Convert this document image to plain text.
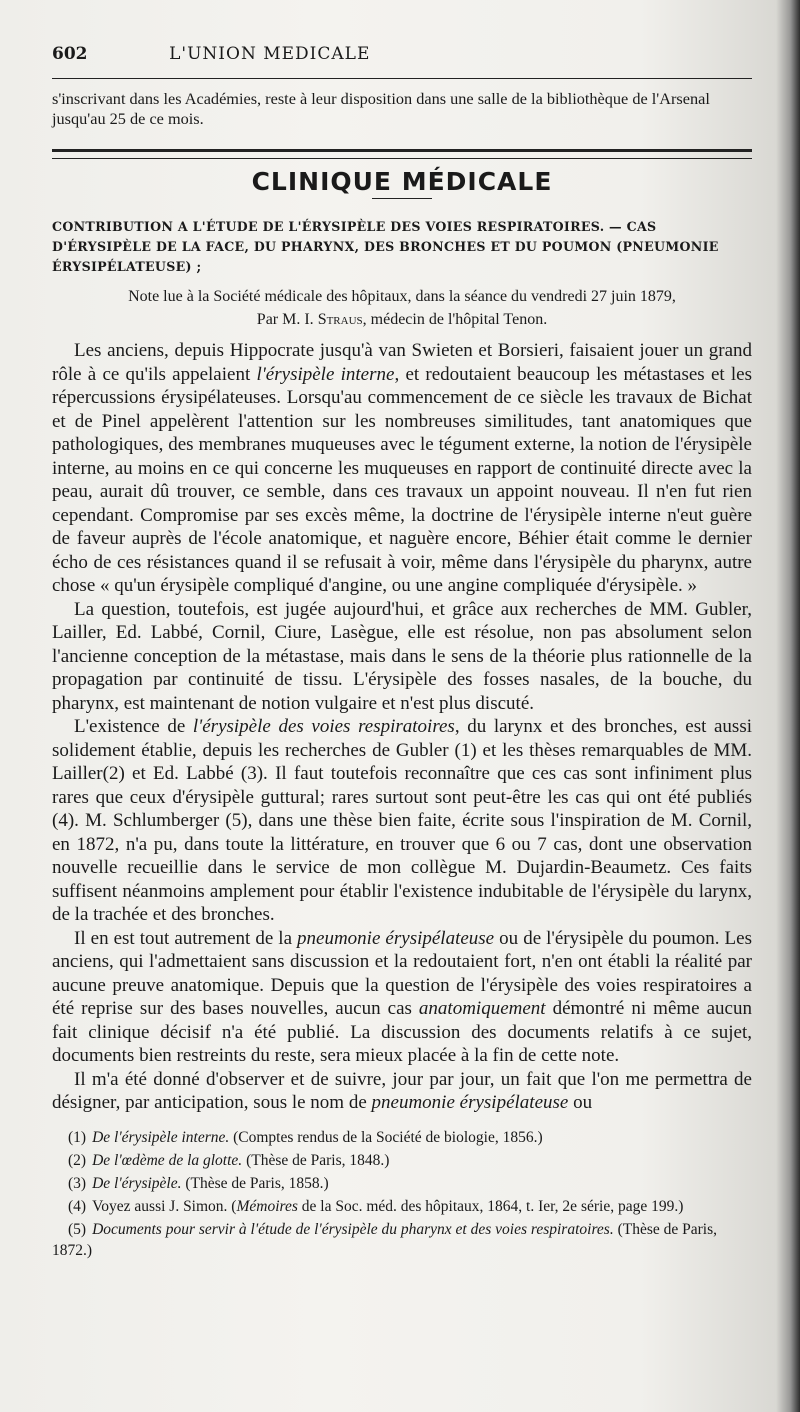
602	L'UNION MEDICALE

s'inscrivant dans les Académies, reste à leur disposition dans une salle de la bibliothèque de l'Arsenal jusqu'au 25 de ce mois.

CLINIQUE MÉDICALE
CONTRIBUTION A L'ÉTUDE DE L'ÉRYSIPÈLE DES VOIES RESPIRATOIRES. — CAS D'ÉRYSIPÈLE DE LA FACE, DU PHARYNX, DES BRONCHES ET DU POUMON (PNEUMONIE ÉRYSIPÉLATEUSE) ;
Note lue à la Société médicale des hôpitaux, dans la séance du vendredi 27 juin 1879,
Par M. I. Straus, médecin de l'hôpital Tenon.

Les anciens, depuis Hippocrate jusqu'à van Swieten et Borsieri, faisaient jouer un grand rôle à ce qu'ils appelaient l'érysipèle interne, et redoutaient beaucoup les métastases et les répercussions érysipélateuses. Lorsqu'au commencement de ce siècle les travaux de Bichat et de Pinel appelèrent l'attention sur les nombreuses similitudes, tant anatomiques que pathologiques, des membranes muqueuses avec le tégument externe, la notion de l'érysipèle interne, au moins en ce qui concerne les muqueuses en rapport de continuité directe avec la peau, aurait dû trouver, ce semble, dans ces travaux un appoint nouveau. Il n'en fut rien cependant. Compromise par ses excès même, la doctrine de l'érysipèle interne n'eut guère de faveur auprès de l'école anatomique, et naguère encore, Béhier était comme le dernier écho de ces résistances quand il se refusait à voir, même dans l'érysipèle du pharynx, autre chose « qu'un érysipèle compliqué d'angine, ou une angine compliquée d'érysipèle. »

La question, toutefois, est jugée aujourd'hui, et grâce aux recherches de MM. Gubler, Lailler, Ed. Labbé, Cornil, Ciure, Lasègue, elle est résolue, non pas absolument selon l'ancienne conception de la métastase, mais dans le sens de la théorie plus rationnelle de la propagation par continuité de tissu. L'érysipèle des fosses nasales, de la bouche, du pharynx, est maintenant de notion vulgaire et n'est plus discuté.

L'existence de l'érysipèle des voies respiratoires, du larynx et des bronches, est aussi solidement établie, depuis les recherches de Gubler (1) et les thèses remarquables de MM. Lailler(2) et Ed. Labbé (3). Il faut toutefois reconnaître que ces cas sont infiniment plus rares que ceux d'érysipèle guttural; rares surtout sont peut-être les cas qui ont été publiés (4). M. Schlumberger (5), dans une thèse bien faite, écrite sous l'inspiration de M. Cornil, en 1872, n'a pu, dans toute la littérature, en trouver que 6 ou 7 cas, dont une observation nouvelle recueillie dans le service de mon collègue M. Dujardin-Beaumetz. Ces faits suffisent néanmoins amplement pour établir l'existence indubitable de l'érysipèle du larynx, de la trachée et des bronches.

Il en est tout autrement de la pneumonie érysipélateuse ou de l'érysipèle du poumon. Les anciens, qui l'admettaient sans discussion et la redoutaient fort, n'en ont établi la réalité par aucune preuve anatomique. Depuis que la question de l'érysipèle des voies respiratoires a été reprise sur des bases nouvelles, aucun cas anatomiquement démontré ni même aucun fait clinique décisif n'a été publié. La discussion des documents relatifs à ce sujet, documents bien restreints du reste, sera mieux placée à la fin de cette note.

Il m'a été donné d'observer et de suivre, jour par jour, un fait que l'on me permettra de désigner, par anticipation, sous le nom de pneumonie érysipélateuse ou

(1) De l'érysipèle interne. (Comptes rendus de la Société de biologie, 1856.)
(2) De l'œdème de la glotte. (Thèse de Paris, 1848.)
(3) De l'érysipèle. (Thèse de Paris, 1858.)
(4) Voyez aussi J. Simon. (Mémoires de la Soc. méd. des hôpitaux, 1864, t. Ier, 2e série, page 199.)
(5) Documents pour servir à l'étude de l'érysipèle du pharynx et des voies respiratoires. (Thèse de Paris, 1872.)
